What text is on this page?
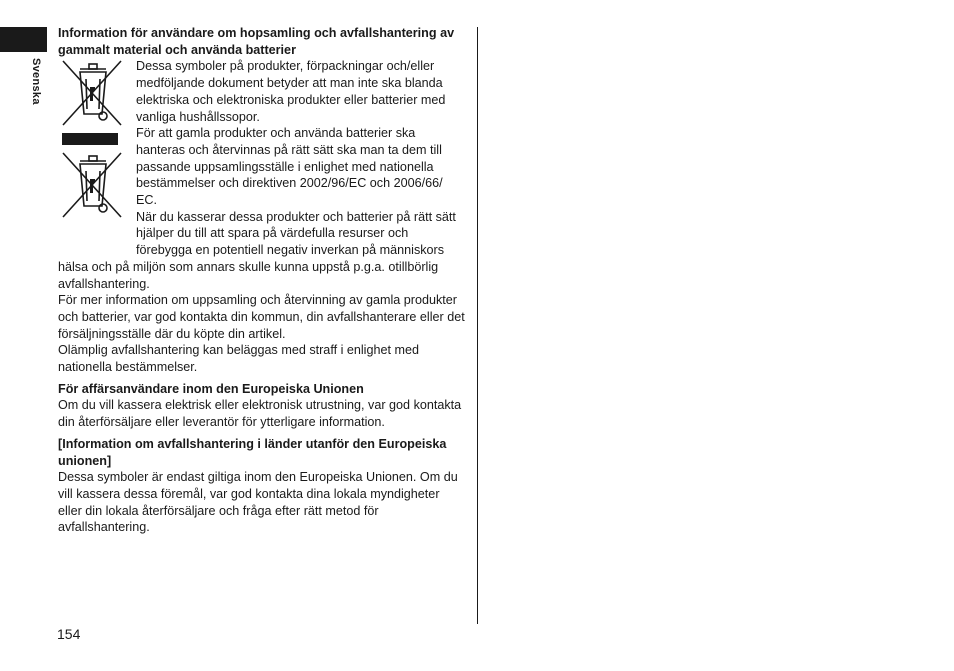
Svenska

Information för användare om hopsamling och avfallshantering av gammalt material och använda batterier

Dessa symboler på produkter, förpackningar och/eller medföljande dokument betyder att man inte ska blanda elektriska och elektroniska produkter eller batterier med vanliga hushållssopor.

För att gamla produkter och använda batterier ska hanteras och återvinnas på rätt sätt ska man ta dem till passande uppsamlingsställe i enlighet med nationella bestämmelser och direktiven 2002/96/EC och 2006/66/ EC.

När du kasserar dessa produkter och batterier på rätt sätt hjälper du till att spara på värdefulla resurser och förebygga en potentiell negativ inverkan på människors hälsa och på miljön som annars skulle kunna uppstå p.g.a. otillbörlig avfallshantering.

För mer information om uppsamling och återvinning av gamla produkter och batterier, var god kontakta din kommun, din avfallshanterare eller det försäljningsställe där du köpte din artikel.

Olämplig avfallshantering kan beläggas med straff i enlighet med nationella bestämmelser.

För affärsanvändare inom den Europeiska Unionen

Om du vill kassera elektrisk eller elektronisk utrustning, var god kontakta din återförsäljare eller leverantör för ytterligare information.

[Information om avfallshantering i länder utanför den Europeiska unionen]

Dessa symboler är endast giltiga inom den Europeiska Unionen. Om du vill kassera dessa föremål, var god kontakta dina lokala myndigheter eller din lokala återförsäljare och fråga efter rätt metod för avfallshantering.

154
